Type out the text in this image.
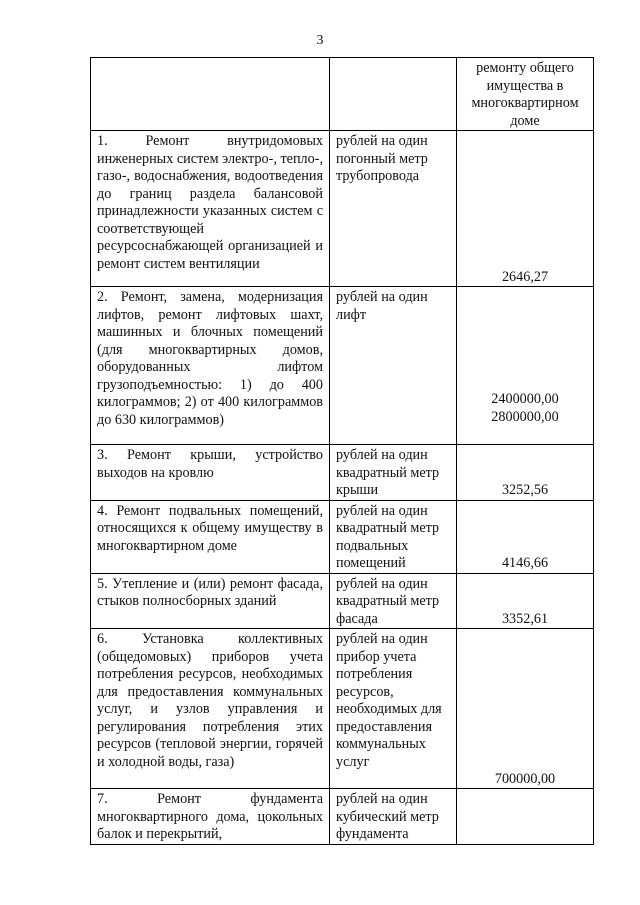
3
		ремонту общего имущества в многоквартирном доме
1. Ремонт внутридомовых инженерных систем электро-, тепло-, газо-, водоснабжения, водоотведения до границ раздела балансовой принадлежности указанных систем с соответствующей ресурсоснабжающей организацией и ремонт систем вентиляции	рублей на один погонный метр трубопровода	2646,27

2. Ремонт, замена, модернизация лифтов, ремонт лифтовых шахт, машинных и блочных помещений (для многоквартирных домов, оборудованных лифтом грузоподъемностью: 1) до 400 килограммов; 2) от 400 килограммов до 630 килограммов)	рублей на один лифт	2400000,00
2800000,00

3. Ремонт крыши, устройство выходов на кровлю	рублей на один квадратный метр крыши	3252,56

4. Ремонт подвальных помещений, относящихся к общему имуществу в многоквартирном доме	рублей на один квадратный метр подвальных помещений	4146,66

5. Утепление и (или) ремонт фасада, стыков полносборных зданий	рублей на один квадратный метр фасада	3352,61

6. Установка коллективных (общедомовых) приборов учета потребления ресурсов, необходимых для предоставления коммунальных услуг, и узлов управления и регулирования потребления этих ресурсов (тепловой энергии, горячей и холодной воды, газа)	рублей на один прибор учета потребления ресурсов, необходимых для предоставления коммунальных услуг	700000,00

7. Ремонт фундамента многоквартирного дома, цокольных балок и перекрытий,	рублей на один кубический метр фундамента	
